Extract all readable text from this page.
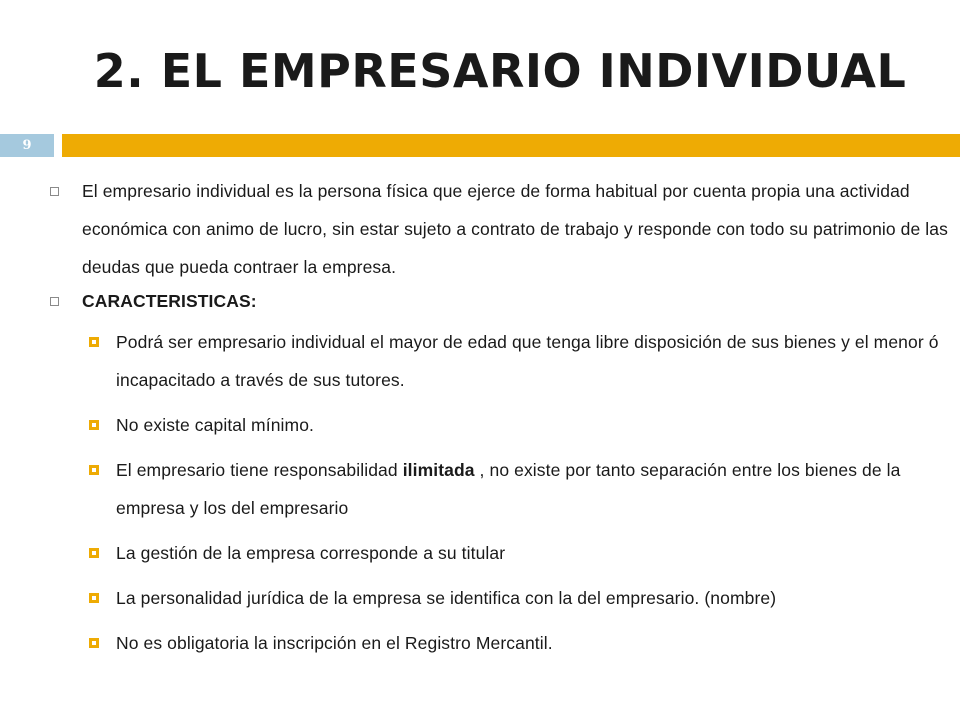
2. EL EMPRESARIO INDIVIDUAL
9
El empresario individual es la persona física que ejerce de forma habitual por cuenta propia una actividad económica con animo de lucro, sin estar sujeto a contrato de trabajo y responde con todo su patrimonio de las deudas que pueda contraer la empresa.
CARACTERISTICAS:
Podrá ser empresario individual el mayor de edad que tenga libre disposición de sus bienes y el menor ó incapacitado a través de sus tutores.
No existe capital mínimo.
El empresario tiene responsabilidad ilimitada , no existe por tanto separación entre los bienes de la empresa y los del empresario
La gestión de la empresa corresponde a su titular
La personalidad jurídica de la empresa se identifica con la del empresario. (nombre)
No es obligatoria la inscripción en el Registro Mercantil.
